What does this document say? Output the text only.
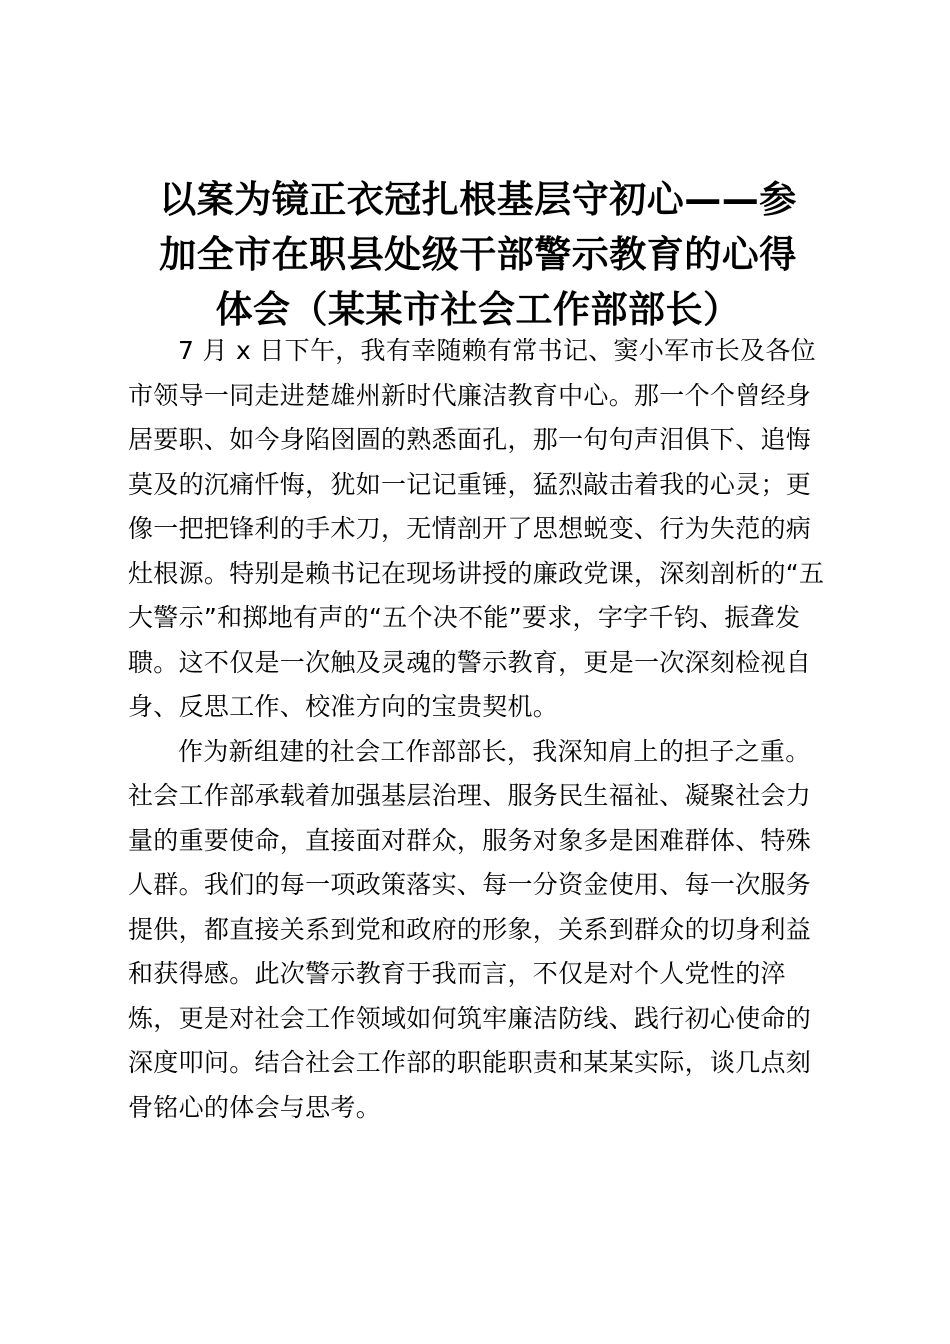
以案为镜正衣冠扎根基层守初心——参
加全市在职县处级干部警示教育的心得
体会（某某市社会工作部部长）

7 月 x 日下午，我有幸随赖有常书记、窦小军市长及各位
市领导一同走进楚雄州新时代廉洁教育中心。那一个个曾经身
居要职、如今身陷囹圄的熟悉面孔，那一句句声泪俱下、追悔
莫及的沉痛忏悔，犹如一记记重锤，猛烈敲击着我的心灵；更
像一把把锋利的手术刀，无情剖开了思想蜕变、行为失范的病
灶根源。特别是赖书记在现场讲授的廉政党课，深刻剖析的“五
大警示”和掷地有声的“五个决不能”要求，字字千钧、振聋发
聩。这不仅是一次触及灵魂的警示教育，更是一次深刻检视自
身、反思工作、校准方向的宝贵契机。

作为新组建的社会工作部部长，我深知肩上的担子之重。
社会工作部承载着加强基层治理、服务民生福祉、凝聚社会力
量的重要使命，直接面对群众，服务对象多是困难群体、特殊
人群。我们的每一项政策落实、每一分资金使用、每一次服务
提供，都直接关系到党和政府的形象，关系到群众的切身利益
和获得感。此次警示教育于我而言，不仅是对个人党性的淬
炼，更是对社会工作领域如何筑牢廉洁防线、践行初心使命的
深度叩问。结合社会工作部的职能职责和某某实际，谈几点刻
骨铭心的体会与思考。
